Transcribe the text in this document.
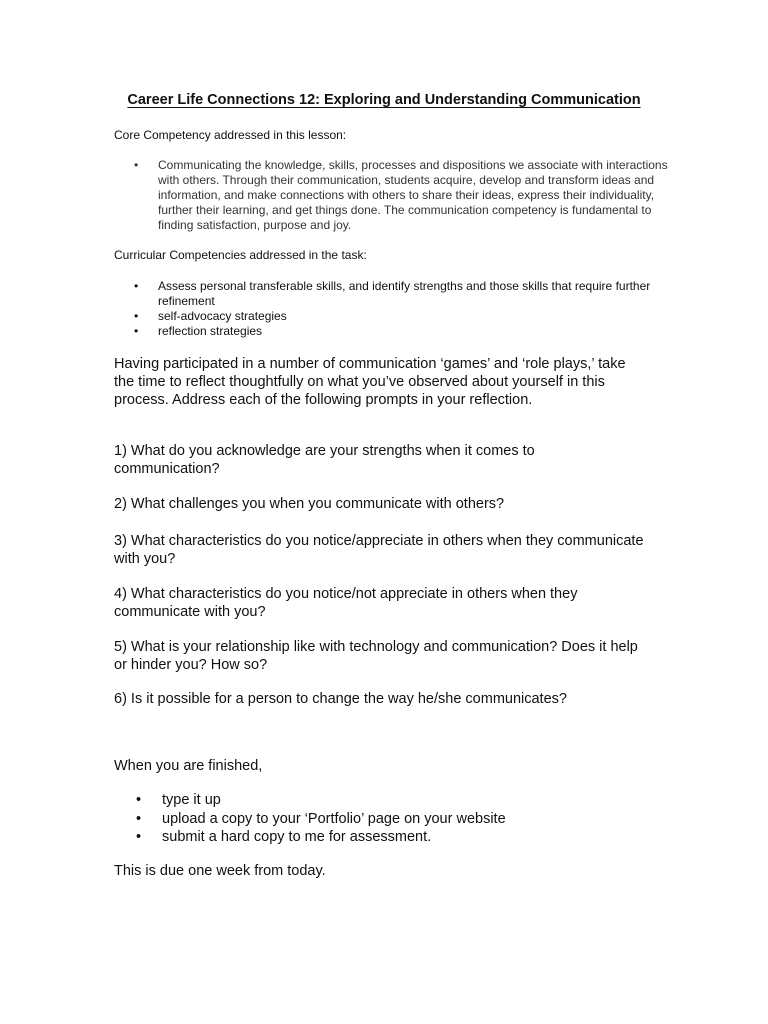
Career Life Connections 12: Exploring and Understanding Communication

Core Competency addressed in this lesson:

• Communicating the knowledge, skills, processes and dispositions we associate with interactions with others. Through their communication, students acquire, develop and transform ideas and information, and make connections with others to share their ideas, express their individuality, further their learning, and get things done. The communication competency is fundamental to finding satisfaction, purpose and joy.

Curricular Competencies addressed in the task:

• Assess personal transferable skills, and identify strengths and those skills that require further refinement
• self-advocacy strategies
• reflection strategies

Having participated in a number of communication ‘games’ and ‘role plays,’ take the time to reflect thoughtfully on what you’ve observed about yourself in this process. Address each of the following prompts in your reflection.

1) What do you acknowledge are your strengths when it comes to communication?

2) What challenges you when you communicate with others?

3) What characteristics do you notice/appreciate in others when they communicate with you?

4) What characteristics do you notice/not appreciate in others when they communicate with you?

5) What is your relationship like with technology and communication? Does it help or hinder you? How so?

6) Is it possible for a person to change the way he/she communicates?

When you are finished,

• type it up
• upload a copy to your ‘Portfolio’ page on your website
• submit a hard copy to me for assessment.

This is due one week from today.
